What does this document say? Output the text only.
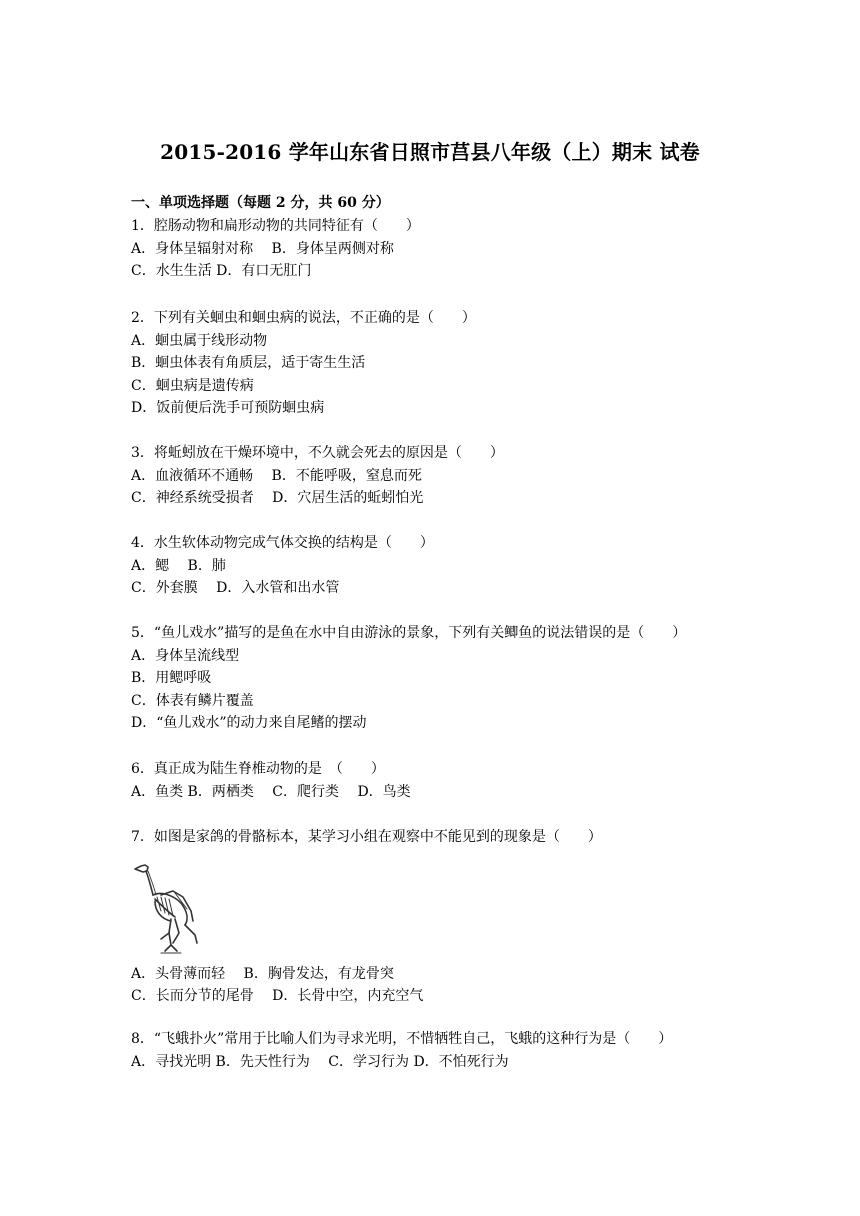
2015-2016 学年山东省日照市莒县八年级（上）期末 试卷
一、单项选择题（每题 2 分，共 60 分）
1．腔肠动物和扁形动物的共同特征有（　　）
A．身体呈辐射对称　 B．身体呈两侧对称
C．水生生活 D．有口无肛门
2．下列有关蛔虫和蛔虫病的说法，不正确的是（　　）
A．蛔虫属于线形动物
B．蛔虫体表有角质层，适于寄生生活
C．蛔虫病是遗传病
D．饭前便后洗手可预防蛔虫病
3．将蚯蚓放在干燥环境中，不久就会死去的原因是（　　）
A．血液循环不通畅　 B．不能呼吸，窒息而死
C．神经系统受损者　 D．穴居生活的蚯蚓怕光
4．水生软体动物完成气体交换的结构是（　　）
A．鳃　 B．肺
C．外套膜　 D．入水管和出水管
5．“鱼儿戏水”描写的是鱼在水中自由游泳的景象，下列有关鲫鱼的说法错误的是（　　）
A．身体呈流线型
B．用鳃呼吸
C．体表有鳞片覆盖
D．“鱼儿戏水”的动力来自尾鳍的摆动
6．真正成为陆生脊椎动物的是　（　　）
A．鱼类 B．两栖类　 C．爬行类　 D．鸟类
7．如图是家鸽的骨骼标本，某学习小组在观察中不能见到的现象是（　　）
A．头骨薄而轻　 B．胸骨发达，有龙骨突
C．长而分节的尾骨　 D．长骨中空，内充空气
8．“飞蛾扑火”常用于比喻人们为寻求光明，不惜牺牲自己，飞蛾的这种行为是（　　）
A．寻找光明 B．先天性行为　 C．学习行为 D．不怕死行为
